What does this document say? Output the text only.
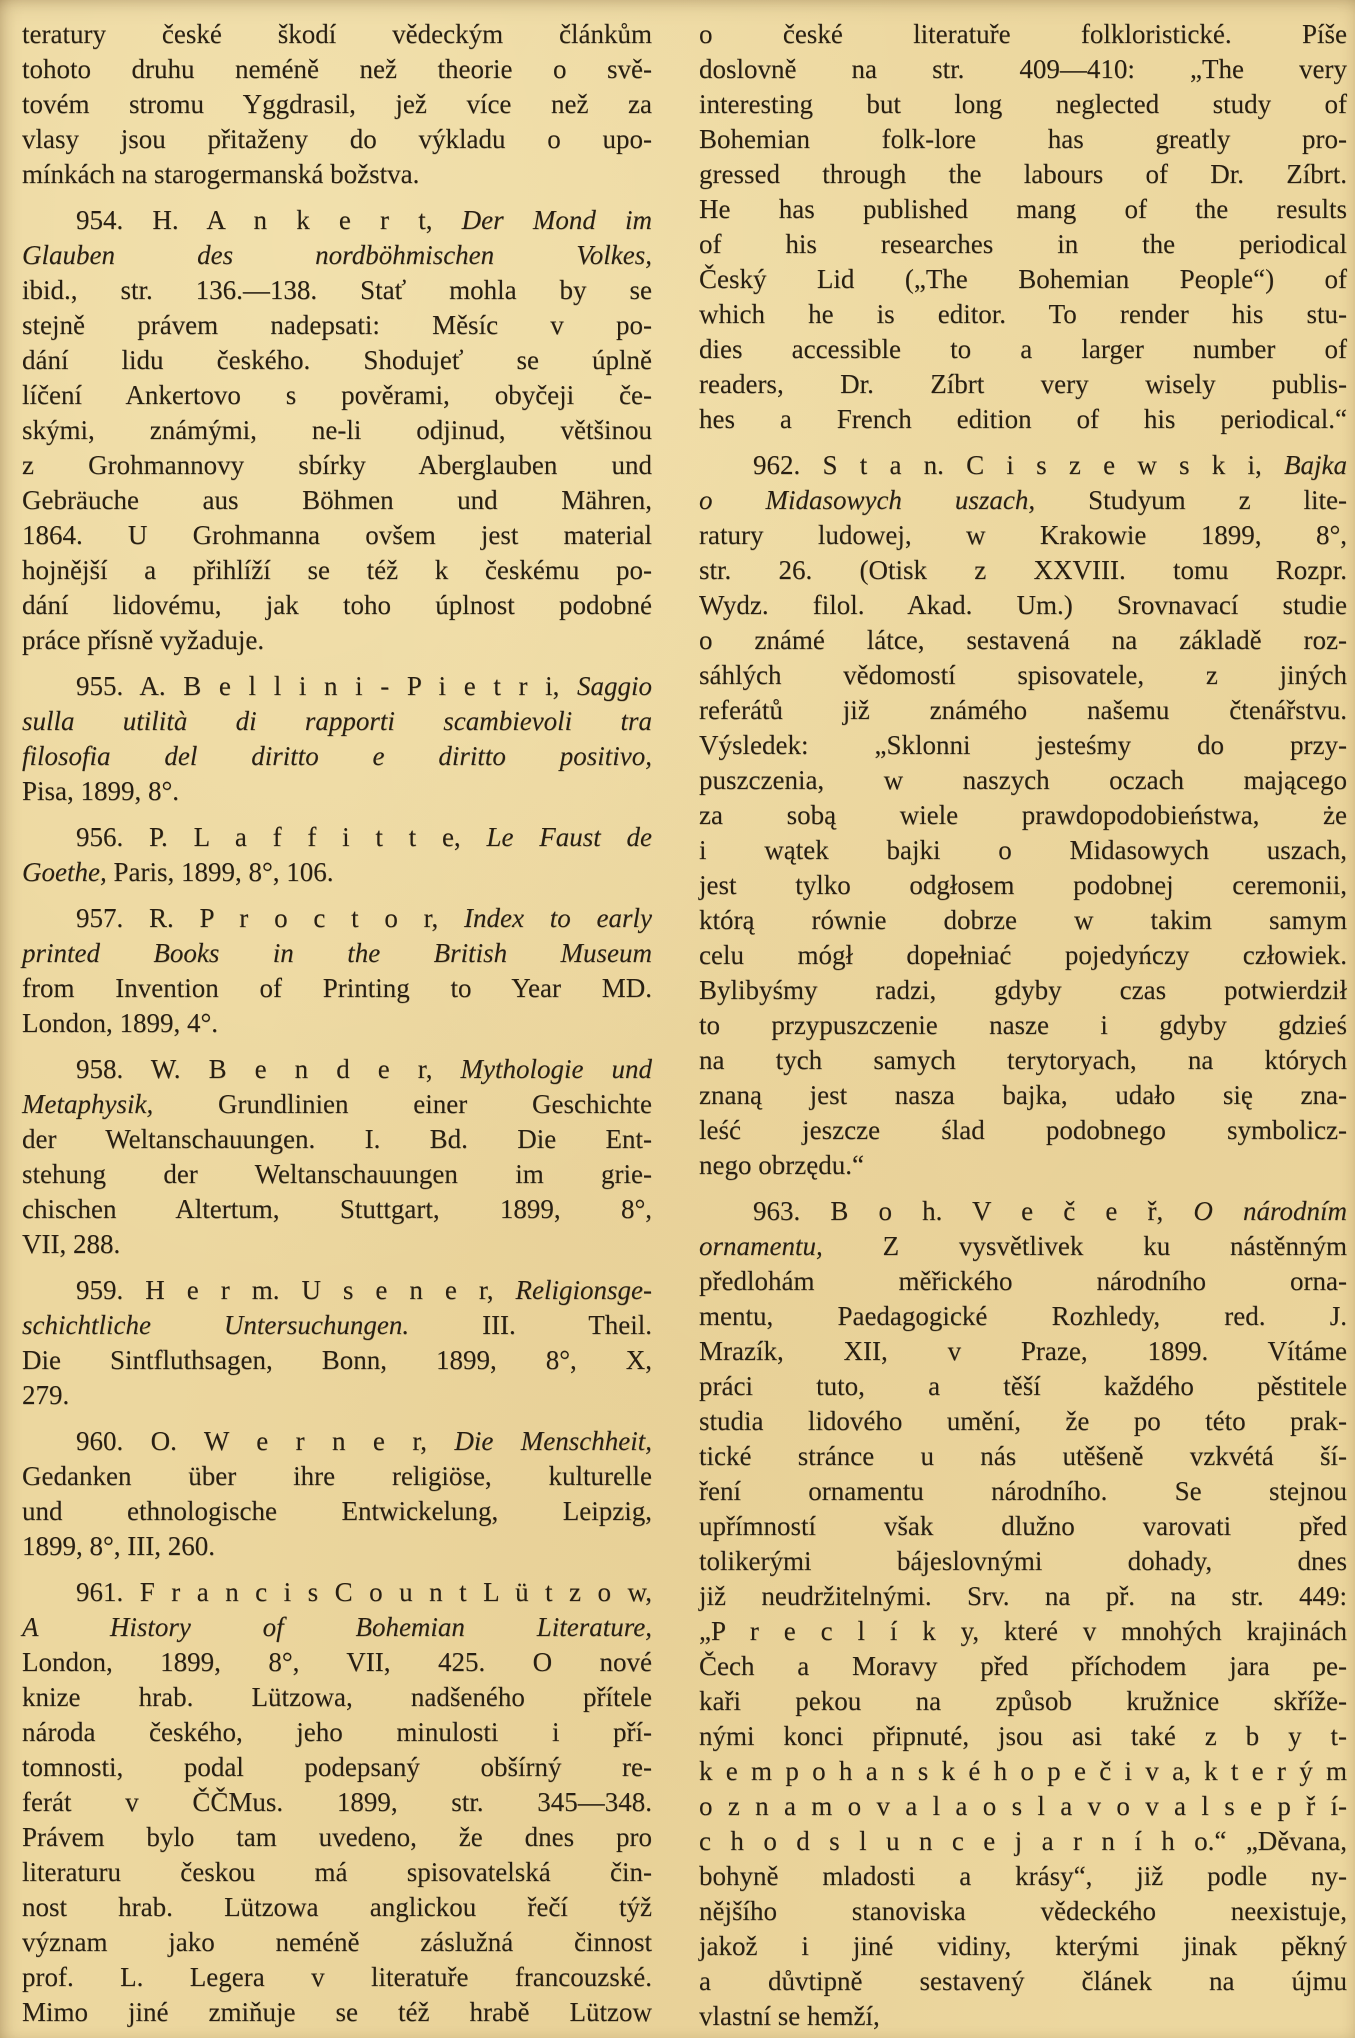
teratury české škodí vědeckým článkům
tohoto druhu neméně než theorie o svě-
tovém stromu Yggdrasil, jež více než za
vlasy jsou přitaženy do výkladu o upo-
mínkách na starogermanská božstva.
954. H. A n k e r t, Der Mond im
Glauben des nordböhmischen Volkes,
ibid., str. 136.—138. Stať mohla by se
stejně právem nadepsati: Měsíc v po-
dání lidu českého. Shodujeť se úplně
líčení Ankertovo s pověrami, obyčeji če-
skými, známými, ne-li odjinud, většinou
z Grohmannovy sbírky Aberglauben und
Gebräuche aus Böhmen und Mähren,
1864. U Grohmanna ovšem jest material
hojnější a přihlíží se též k českému po-
dání lidovému, jak toho úplnost podobné
práce přísně vyžaduje.
955. A. B e l l i n i - P i e t r i, Saggio
sulla utilità di rapporti scambievoli tra
filosofia del diritto e diritto positivo,
Pisa, 1899, 8°.
956. P. L a f f i t t e, Le Faust de
Goethe, Paris, 1899, 8°, 106.
957. R. P r o c t o r, Index to early
printed Books in the British Museum
from Invention of Printing to Year MD.
London, 1899, 4°.
958. W. B e n d e r, Mythologie und
Metaphysik, Grundlinien einer Geschichte
der Weltanschauungen. I. Bd. Die Ent-
stehung der Weltanschauungen im grie-
chischen Altertum, Stuttgart, 1899, 8°,
VII, 288.
959. H e r m. U s e n e r, Religionsge-
schichtliche Untersuchungen. III. Theil.
Die Sintfluthsagen, Bonn, 1899, 8°, X,
279.
960. O. W e r n e r, Die Menschheit,
Gedanken über ihre religiöse, kulturelle
und ethnologische Entwickelung, Leipzig,
1899, 8°, III, 260.
961. F r a n c i s C o u n t L ü t z o w,
A History of Bohemian Literature,
London, 1899, 8°, VII, 425. O nové
knize hrab. Lützowa, nadšeného přítele
národa českého, jeho minulosti i pří-
tomnosti, podal podepsaný obšírný re-
ferát v ČČMus. 1899, str. 345—348.
Právem bylo tam uvedeno, že dnes pro
literaturu českou má spisovatelská čin-
nost hrab. Lützowa anglickou řečí týž
význam jako neméně záslužná činnost
prof. L. Legera v literatuře francouzské.
Mimo jiné zmiňuje se též hrabě Lützow
o české literatuře folkloristické. Píše
doslovně na str. 409—410: „The very
interesting but long neglected study of
Bohemian folk-lore has greatly pro-
gressed through the labours of Dr. Zíbrt.
He has published mang of the results
of his researches in the periodical
Český Lid („The Bohemian People“) of
which he is editor. To render his stu-
dies accessible to a larger number of
readers, Dr. Zíbrt very wisely publis-
hes a French edition of his periodical.“
962. S t a n. C i s z e w s k i, Bajka
o Midasowych uszach, Studyum z lite-
ratury ludowej, w Krakowie 1899, 8°,
str. 26. (Otisk z XXVIII. tomu Rozpr.
Wydz. filol. Akad. Um.) Srovnavací studie
o známé látce, sestavená na základě roz-
sáhlých vědomostí spisovatele, z jiných
referátů již známého našemu čtenářstvu.
Výsledek: „Sklonni jesteśmy do przy-
puszczenia, w naszych oczach mającego
za sobą wiele prawdopodobieństwa, że
i wątek bajki o Midasowych uszach,
jest tylko odgłosem podobnej ceremonii,
którą równie dobrze w takim samym
celu mógł dopełniać pojedyńczy człowiek.
Bylibyśmy radzi, gdyby czas potwierdził
to przypuszczenie nasze i gdyby gdzieś
na tych samych terytoryach, na których
znaną jest nasza bajka, udało się zna-
leść jeszcze ślad podobnego symbolicz-
nego obrzędu.“
963. B o h. V e č e ř, O národním
ornamentu, Z vysvětlivek ku nástěnným
předlohám měřického národního orna-
mentu, Paedagogické Rozhledy, red. J.
Mrazík, XII, v Praze, 1899. Vítáme
práci tuto, a těší každého pěstitele
studia lidového umění, že po této prak-
tické stránce u nás utěšeně vzkvétá ší-
ření ornamentu národního. Se stejnou
upřímností však dlužno varovati před
tolikerými bájeslovnými dohady, dnes
již neudržitelnými. Srv. na př. na str. 449:
„P r e c l í k y, které v mnohých krajinách
Čech a Moravy před příchodem jara pe-
kaři pekou na způsob kružnice skříže-
nými konci připnuté, jsou asi také z b y t-
k e m p o h a n s k é h o p e č i v a, k t e r ý m
o z n a m o v a l a o s l a v o v a l s e p ř í-
c h o d s l u n c e j a r n í h o.“ „Děvana,
bohyně mladosti a krásy“, již podle ny-
nějšího stanoviska vědeckého neexistuje,
jakož i jiné vidiny, kterými jinak pěkný
a důvtipně sestavený článek na újmu
vlastní se hemží,
